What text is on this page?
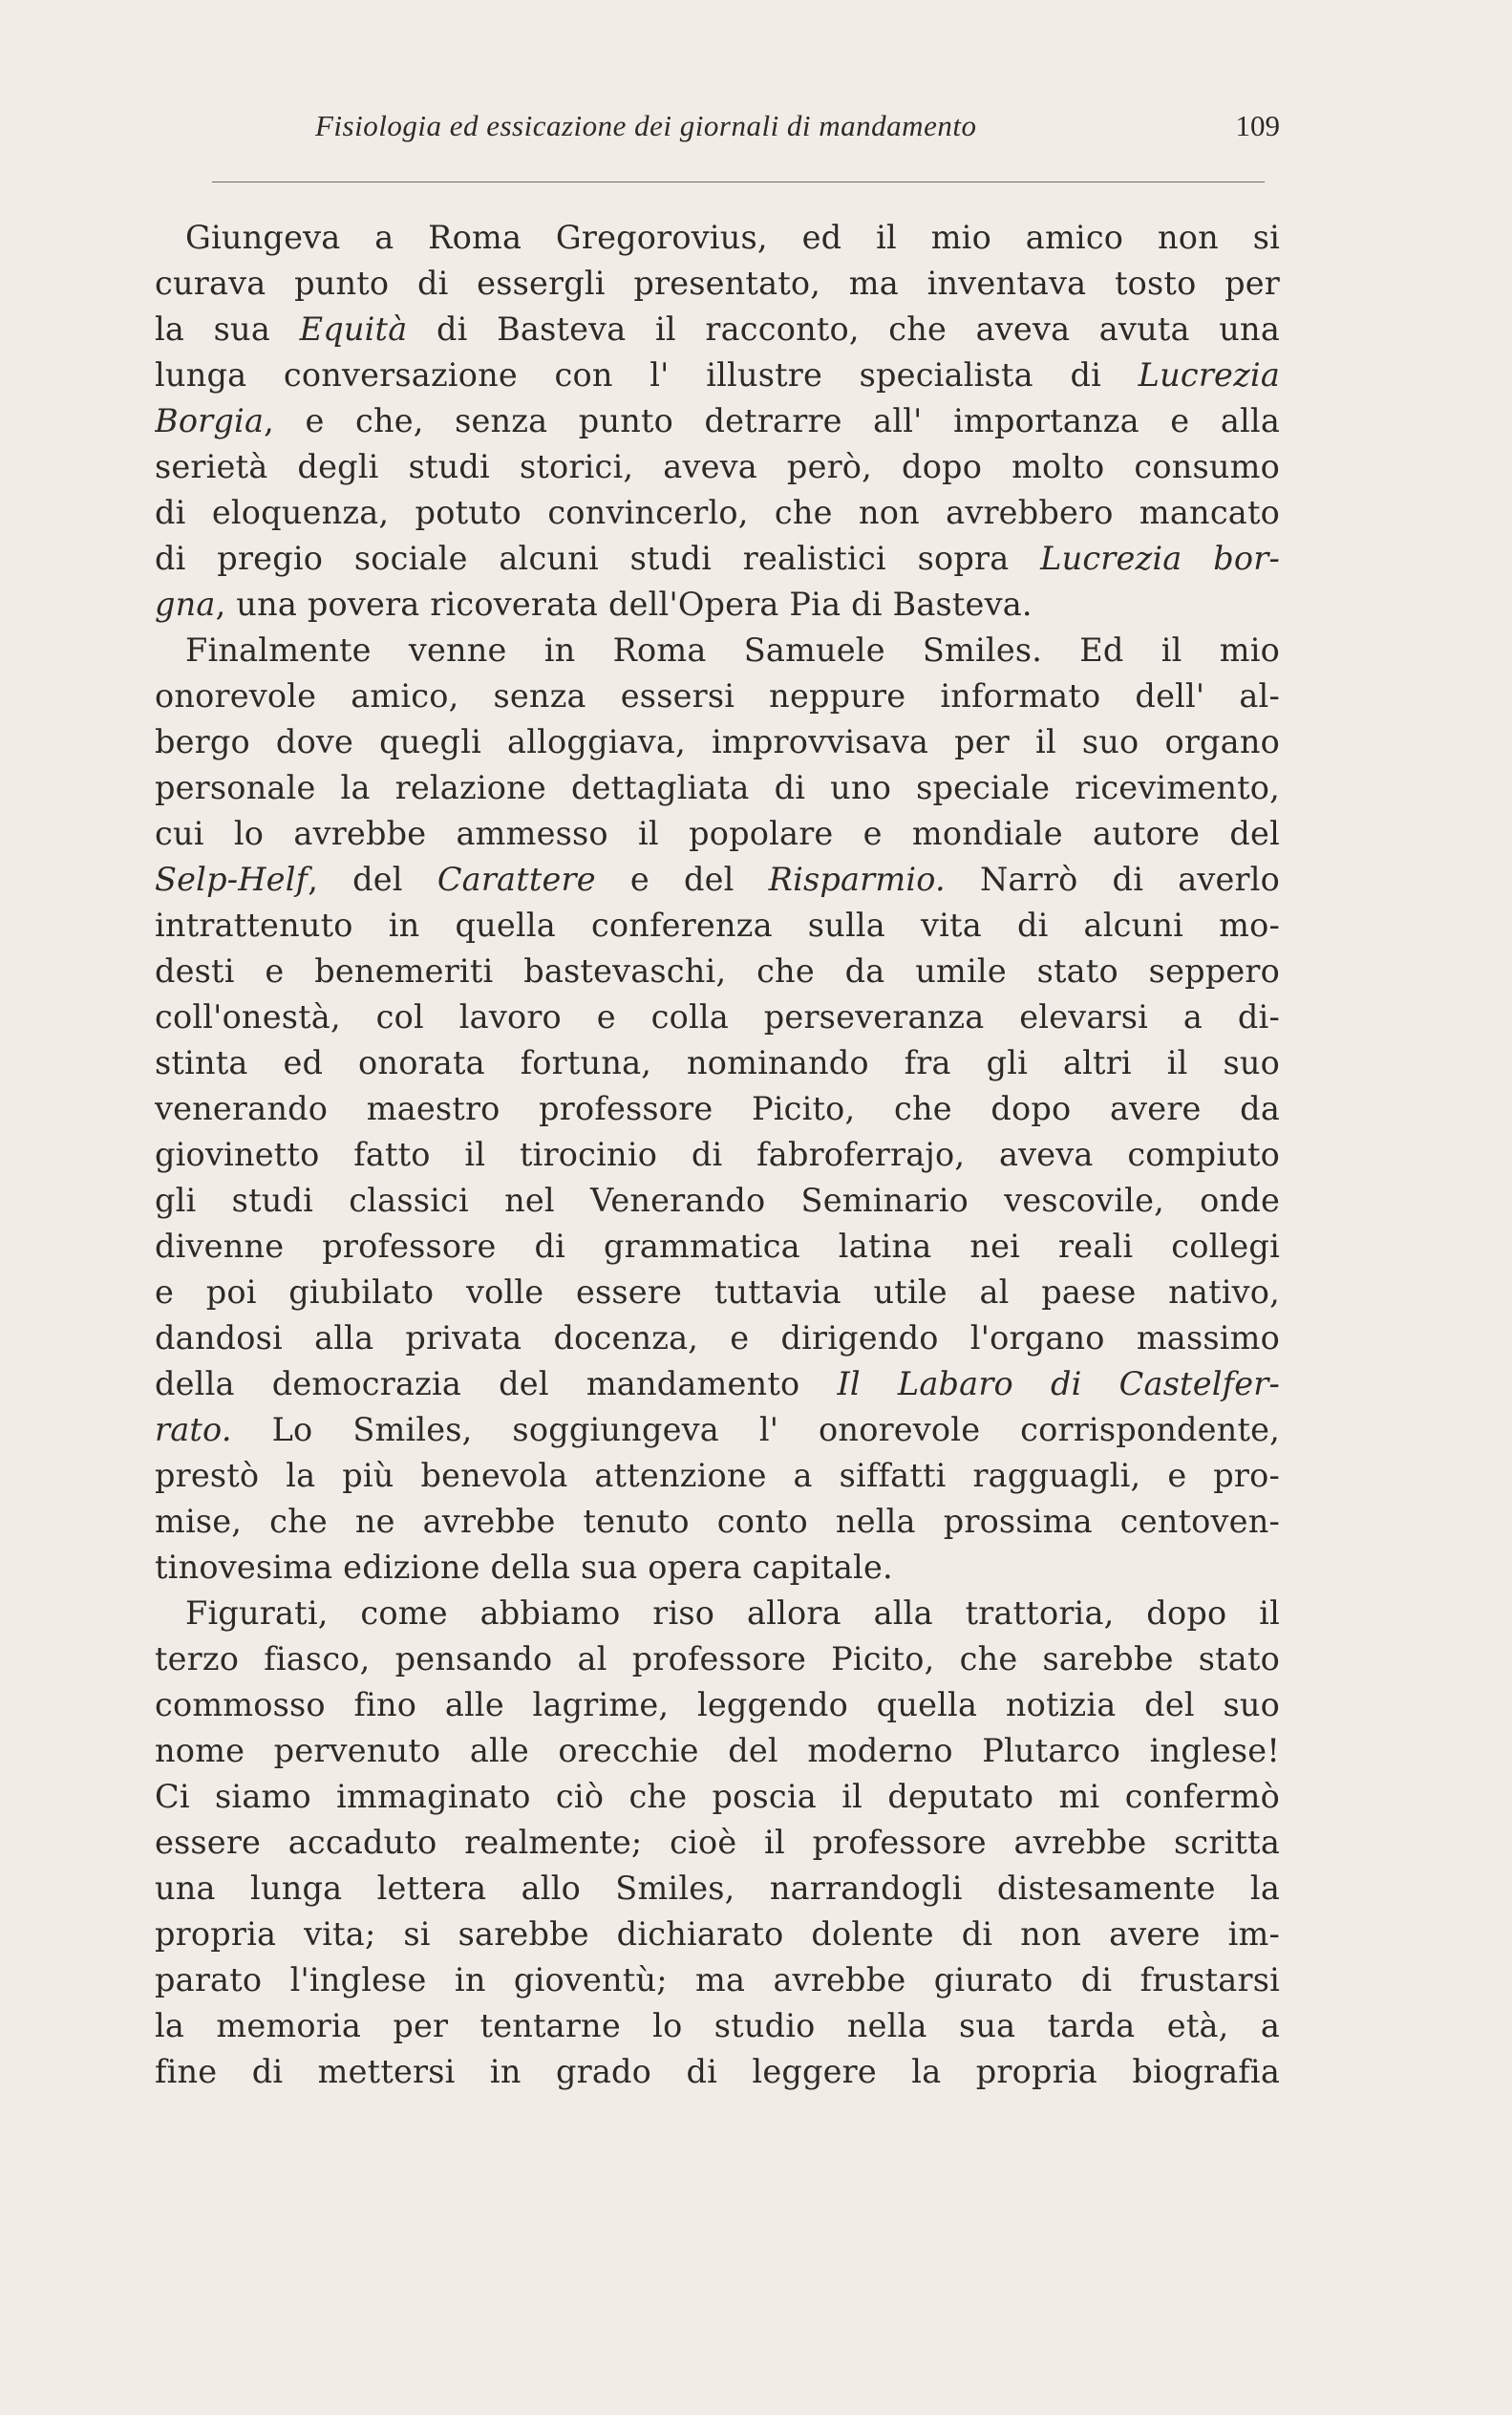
Fisiologia ed essicazione dei giornali di mandamento	109
Giungeva a Roma Gregorovius, ed il mio amico non si
curava punto di essergli presentato, ma inventava tosto per
la sua Equità di Basteva il racconto, che aveva avuta una
lunga conversazione con l' illustre specialista di Lucrezia
Borgia, e che, senza punto detrarre all' importanza e alla
serietà degli studi storici, aveva però, dopo molto consumo
di eloquenza, potuto convincerlo, che non avrebbero mancato
di pregio sociale alcuni studi realistici sopra Lucrezia bor-
gna, una povera ricoverata dell'Opera Pia di Basteva.
Finalmente venne in Roma Samuele Smiles. Ed il mio
onorevole amico, senza essersi neppure informato dell' al-
bergo dove quegli alloggiava, improvvisava per il suo organo
personale la relazione dettagliata di uno speciale ricevimento,
cui lo avrebbe ammesso il popolare e mondiale autore del
Selp-Helf, del Carattere e del Risparmio. Narrò di averlo
intrattenuto in quella conferenza sulla vita di alcuni mo-
desti e benemeriti bastevaschi, che da umile stato seppero
coll'onestà, col lavoro e colla perseveranza elevarsi a di-
stinta ed onorata fortuna, nominando fra gli altri il suo
venerando maestro professore Picito, che dopo avere da
giovinetto fatto il tirocinio di fabroferrajo, aveva compiuto
gli studi classici nel Venerando Seminario vescovile, onde
divenne professore di grammatica latina nei reali collegi
e poi giubilato volle essere tuttavia utile al paese nativo,
dandosi alla privata docenza, e dirigendo l'organo massimo
della democrazia del mandamento Il Labaro di Castelfer-
rato. Lo Smiles, soggiungeva l' onorevole corrispondente,
prestò la più benevola attenzione a siffatti ragguagli, e pro-
mise, che ne avrebbe tenuto conto nella prossima centoven-
tinovesima edizione della sua opera capitale.
Figurati, come abbiamo riso allora alla trattoria, dopo il
terzo fiasco, pensando al professore Picito, che sarebbe stato
commosso fino alle lagrime, leggendo quella notizia del suo
nome pervenuto alle orecchie del moderno Plutarco inglese!
Ci siamo immaginato ciò che poscia il deputato mi confermò
essere accaduto realmente; cioè il professore avrebbe scritta
una lunga lettera allo Smiles, narrandogli distesamente la
propria vita; si sarebbe dichiarato dolente di non avere im-
parato l'inglese in gioventù; ma avrebbe giurato di frustarsi
la memoria per tentarne lo studio nella sua tarda età, a
fine di mettersi in grado di leggere la propria biografia
